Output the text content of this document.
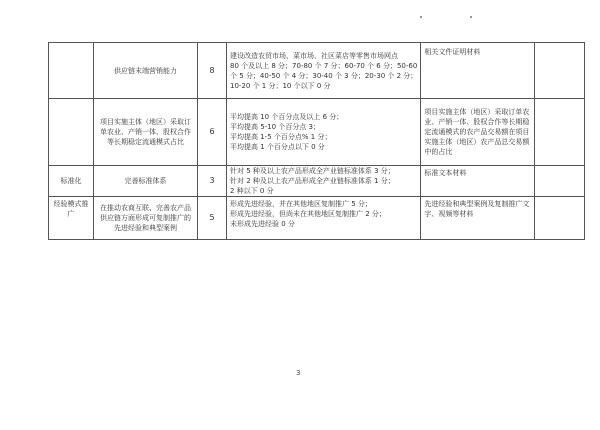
	供应链末端营销能力	8	建设改造农贸市场、菜市场、社区菜店等零售市场网点
80 个及以上 8 分；70-80 个 7 分；60-70 个 6 分；50-60
个 5 分；40-50 个 4 分；30-40 个 3 分；20-30 个 2 分；
10-20 个 1 分；10 个以下 0 分	相关文件证明材料	
	项目实施主体（地区）采取订单农业、产销一体、股权合作等长期稳定流通模式占比	6	平均提高 10 个百分点及以上 6 分；
平均提高 5-10 个百分点 3；
平均提高 1-5 个百分点% 1 分；
平均提高 1 个百分点以下 0 分	项目实施主体（地区）采取订单农业、产销一体、股权合作等长期稳定流通模式的农产品交易额在项目实施主体（地区）农产品总交易额中的占比	
标准化	完善标准体系	3	针对 5 种及以上农产品形成全产业链标准体系 3 分；
针对 2 种及以上农产品形成全产业链标准体系 1 分；
2 种以下 0 分	标准文本材料	
经验模式推广	在推动农商互联、完善农产品供应链方面形成可复制推广的先进经验和典型案例	5	形成先进经验，并在其他地区复制推广 5 分；
形成先进经验，但尚未在其他地区复制推广 2 分；
未形成先进经验 0 分	先进经验和典型案例及复制推广文字、视频等材料	
3
